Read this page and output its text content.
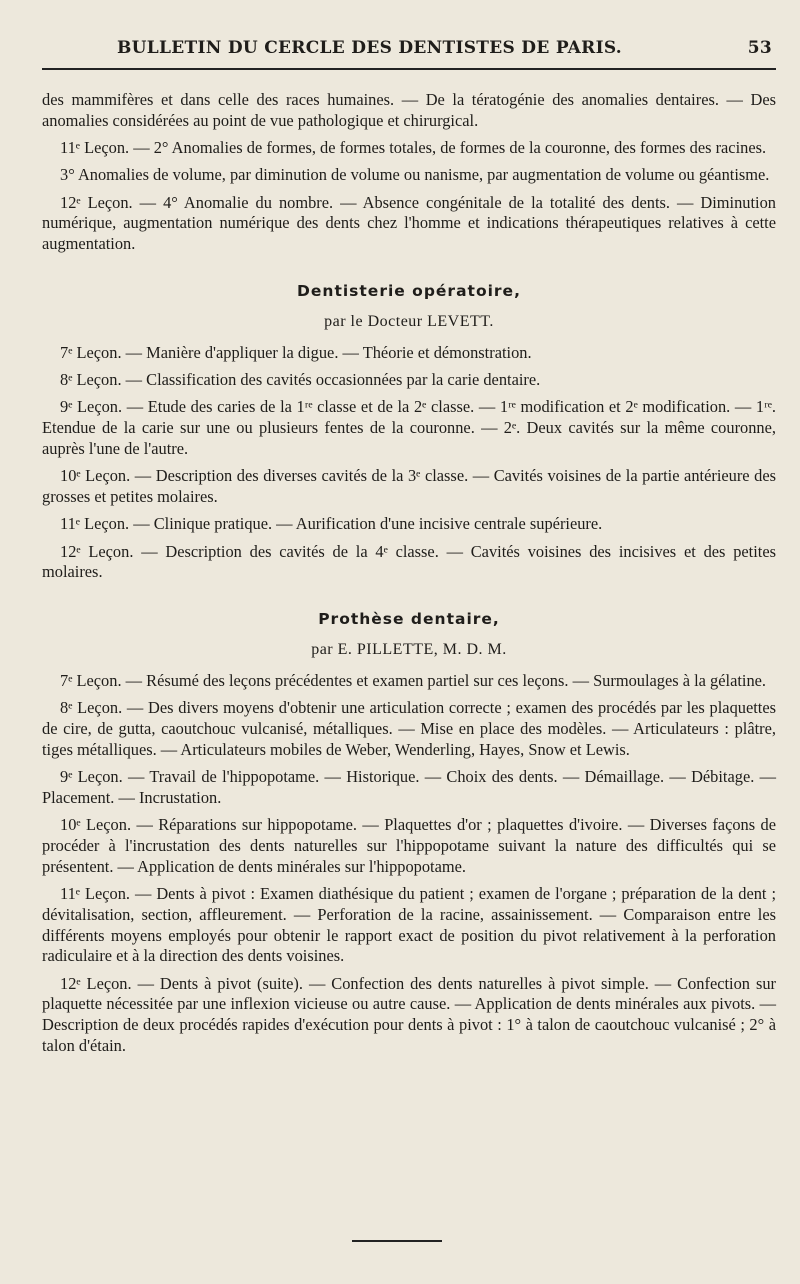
BULLETIN DU CERCLE DES DENTISTES DE PARIS.	53

des mammifères et dans celle des races humaines. — De la tératogénie des anomalies dentaires. — Des anomalies considérées au point de vue pathologique et chirurgical.

11ᵉ Leçon. — 2° Anomalies de formes, de formes totales, de formes de la couronne, des formes des racines.

3° Anomalies de volume, par diminution de volume ou nanisme, par augmentation de volume ou géantisme.

12ᵉ Leçon. — 4° Anomalie du nombre. — Absence congénitale de la totalité des dents. — Diminution numérique, augmentation numérique des dents chez l'homme et indications thérapeutiques relatives à cette augmentation.

Dentisterie opératoire,
par le Docteur LEVETT.

7ᵉ Leçon. — Manière d'appliquer la digue. — Théorie et démonstration.

8ᵉ Leçon. — Classification des cavités occasionnées par la carie dentaire.

9ᵉ Leçon. — Etude des caries de la 1ʳᵉ classe et de la 2ᵉ classe. — 1ʳᵉ modification et 2ᵉ modification. — 1ʳᵉ. Etendue de la carie sur une ou plusieurs fentes de la couronne. — 2ᵉ. Deux cavités sur la même couronne, auprès l'une de l'autre.

10ᵉ Leçon. — Description des diverses cavités de la 3ᵉ classe. — Cavités voisines de la partie antérieure des grosses et petites molaires.

11ᵉ Leçon. — Clinique pratique. — Aurification d'une incisive centrale supérieure.

12ᵉ Leçon. — Description des cavités de la 4ᵉ classe. — Cavités voisines des incisives et des petites molaires.

Prothèse dentaire,
par E. PILLETTE, M. D. M.

7ᵉ Leçon. — Résumé des leçons précédentes et examen partiel sur ces leçons. — Surmoulages à la gélatine.

8ᵉ Leçon. — Des divers moyens d'obtenir une articulation correcte ; examen des procédés par les plaquettes de cire, de gutta, caoutchouc vulcanisé, métalliques. — Mise en place des modèles. — Articulateurs : plâtre, tiges métalliques. — Articulateurs mobiles de Weber, Wenderling, Hayes, Snow et Lewis.

9ᵉ Leçon. — Travail de l'hippopotame. — Historique. — Choix des dents. — Démaillage. — Débitage. — Placement. — Incrustation.

10ᵉ Leçon. — Réparations sur hippopotame. — Plaquettes d'or ; plaquettes d'ivoire. — Diverses façons de procéder à l'incrustation des dents naturelles sur l'hippopotame suivant la nature des difficultés qui se présentent. — Application de dents minérales sur l'hippopotame.

11ᵉ Leçon. — Dents à pivot : Examen diathésique du patient ; examen de l'organe ; préparation de la dent ; dévitalisation, section, affleurement. — Perforation de la racine, assainissement. — Comparaison entre les différents moyens employés pour obtenir le rapport exact de position du pivot relativement à la perforation radiculaire et à la direction des dents voisines.

12ᵉ Leçon. — Dents à pivot (suite). — Confection des dents naturelles à pivot simple. — Confection sur plaquette nécessitée par une inflexion vicieuse ou autre cause. — Application de dents minérales aux pivots. — Description de deux procédés rapides d'exécution pour dents à pivot : 1° à talon de caoutchouc vulcanisé ; 2° à talon d'étain.
